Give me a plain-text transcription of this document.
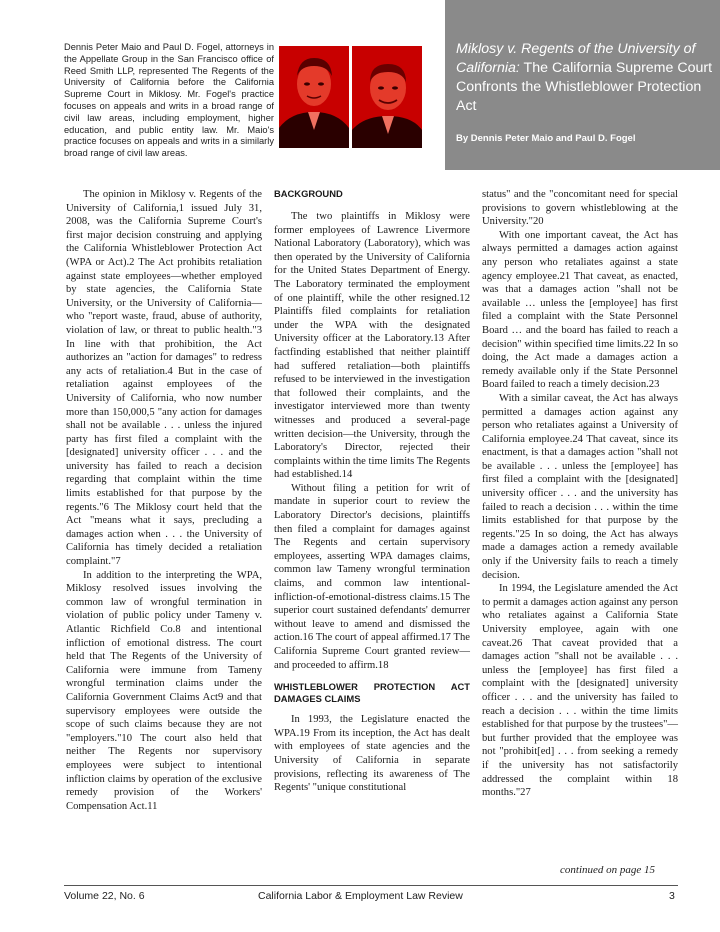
Dennis Peter Maio and Paul D. Fogel, attorneys in the Appellate Group in the San Francisco office of Reed Smith LLP, represented The Regents of the University of California before the California Supreme Court in Miklosy. Mr. Fogel's practice focuses on appeals and writs in a broad range of civil law areas, including employment, higher education, and public entity law. Mr. Maio's practice focuses on appeals and writs in a similarly broad range of civil law areas.
Miklosy v. Regents of the University of California: The California Supreme Court Confronts the Whistleblower Protection Act
By Dennis Peter Maio and Paul D. Fogel

The opinion in Miklosy v. Regents of the University of California,1 issued July 31, 2008, was the California Supreme Court's first major decision construing and applying the California Whistleblower Protection Act (WPA or Act).2 The Act prohibits retaliation against state employees—whether employed by state agencies, the California State University, or the University of California—who "report waste, fraud, abuse of authority, violation of law, or threat to public health."3 In line with that prohibition, the Act authorizes an "action for damages" to redress any acts of retaliation.4 But in the case of retaliation against employees of the University of California, who now number more than 150,000,5 "any action for damages shall not be available . . . unless the injured party has first filed a complaint with the [designated] university officer . . . and the university has failed to reach a decision regarding that complaint within the time limits established for that purpose by the regents."6 The Miklosy court held that the Act "means what it says, precluding a damages action when . . . the University of California has timely decided a retaliation complaint."7

In addition to the interpreting the WPA, Miklosy resolved issues involving the common law of wrongful termination in violation of public policy under Tameny v. Atlantic Richfield Co.8 and intentional infliction of emotional distress. The court held that The Regents of the University of California were immune from Tameny wrongful termination claims under the California Government Claims Act9 and that supervisory employees were outside the scope of such claims because they are not "employers."10 The court also held that neither The Regents nor supervisory employees were subject to intentional infliction claims by operation of the exclusive remedy provision of the Workers' Compensation Act.11

BACKGROUND

The two plaintiffs in Miklosy were former employees of Lawrence Livermore National Laboratory (Laboratory), which was then operated by the University of California for the United States Department of Energy. The Laboratory terminated the employment of one plaintiff, while the other resigned.12 Plaintiffs filed complaints for retaliation under the WPA with the designated University officer at the Laboratory.13 After factfinding established that neither plaintiff had suffered retaliation—both plaintiffs refused to be interviewed in the investigation that followed their complaints, and the investigator interviewed more than twenty witnesses and produced a several-page written decision—the University, through the Laboratory's Director, rejected their complaints within the time limits The Regents had established.14

Without filing a petition for writ of mandate in superior court to review the Laboratory Director's decisions, plaintiffs then filed a complaint for damages against The Regents and certain supervisory employees, asserting WPA damages claims, common law Tameny wrongful termination claims, and common law intentional-infliction-of-emotional-distress claims.15 The superior court sustained defendants' demurrer without leave to amend and dismissed the action.16 The court of appeal affirmed.17 The California Supreme Court granted review—and proceeded to affirm.18

WHISTLEBLOWER PROTECTION ACT DAMAGES CLAIMS

In 1993, the Legislature enacted the WPA.19 From its inception, the Act has dealt with employees of state agencies and the University of California in separate provisions, reflecting its awareness of The Regents' "unique constitutional

status" and the "concomitant need for special provisions to govern whistleblowing at the University."20

With one important caveat, the Act has always permitted a damages action against any person who retaliates against a state agency employee.21 That caveat, as enacted, was that a damages action "shall not be available … unless the [employee] has first filed a complaint with the State Personnel Board … and the board has failed to reach a decision" within specified time limits.22 In so doing, the Act made a damages action a remedy available only if the State Personnel Board failed to reach a timely decision.23

With a similar caveat, the Act has always permitted a damages action against any person who retaliates against a University of California employee.24 That caveat, since its enactment, is that a damages action "shall not be available . . . unless the [employee] has first filed a complaint with the [designated] university officer . . . and the university has failed to reach a decision . . . within the time limits established for that purpose by the regents."25 In so doing, the Act has always made a damages action a remedy available only if the University fails to reach a timely decision.

In 1994, the Legislature amended the Act to permit a damages action against any person who retaliates against a California State University employee, again with one caveat.26 That caveat provided that a damages action "shall not be available . . . unless the [employee] has first filed a complaint with the [designated] university officer . . . and the university has failed to reach a decision . . . within the time limits established for that purpose by the trustees"—but further provided that the employee was not "prohibit[ed] . . . from seeking a remedy if the university has not satisfactorily addressed the complaint within 18 months."27

continued on page 15
Volume 22, No. 6	California Labor & Employment Law Review	3
